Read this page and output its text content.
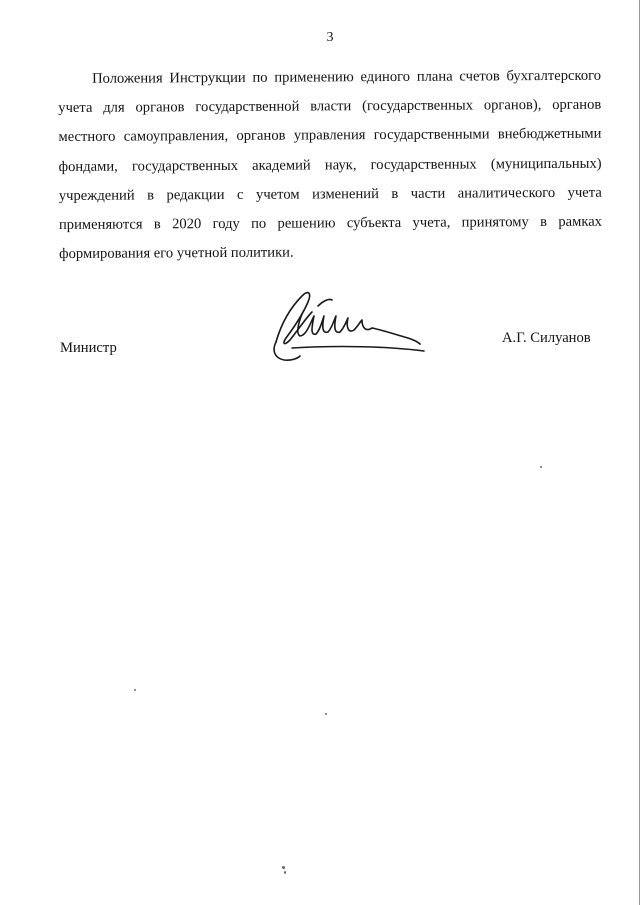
3

Положения Инструкции по применению единого плана счетов бухгалтерского учета для органов государственной власти (государственных органов), органов местного самоуправления, органов управления государственными внебюджетными фондами, государственных академий наук, государственных (муниципальных) учреждений в редакции с учетом изменений в части аналитического учета применяются в 2020 году по решению субъекта учета, принятому в рамках формирования его учетной политики.

Министр
А.Г. Силуанов
